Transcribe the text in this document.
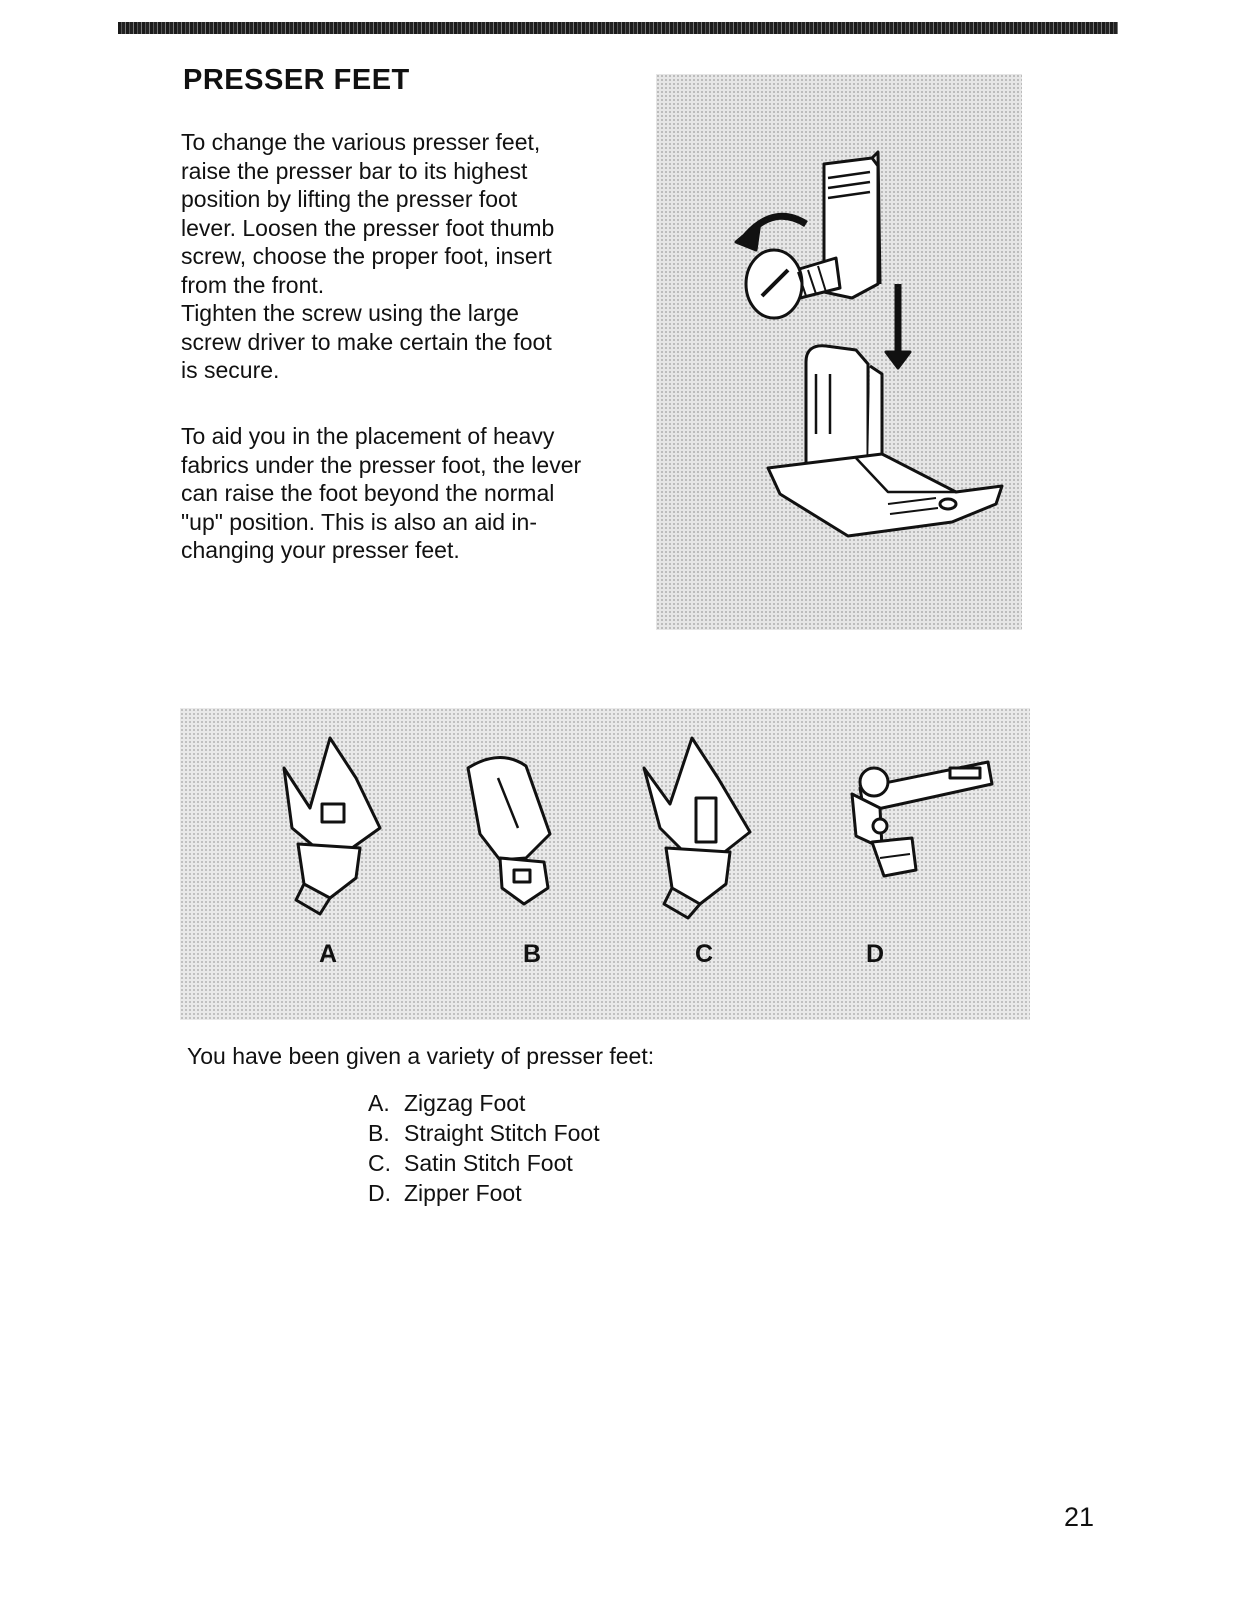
PRESSER FEET

To change the various presser feet,
raise the presser bar to its highest
position by lifting the presser foot
lever. Loosen the presser foot thumb
screw, choose the proper foot, insert
from the front.
Tighten the screw using the large
screw driver to make certain the foot
is secure.

To aid you in the placement of heavy
fabrics under the presser foot, the lever
can raise the foot beyond the normal
"up" position. This is also an aid in-
changing your presser feet.

A	B	C	D

You have been given a variety of presser feet:

A. Zigzag Foot
B. Straight Stitch Foot
C. Satin Stitch Foot
D. Zipper Foot
21
